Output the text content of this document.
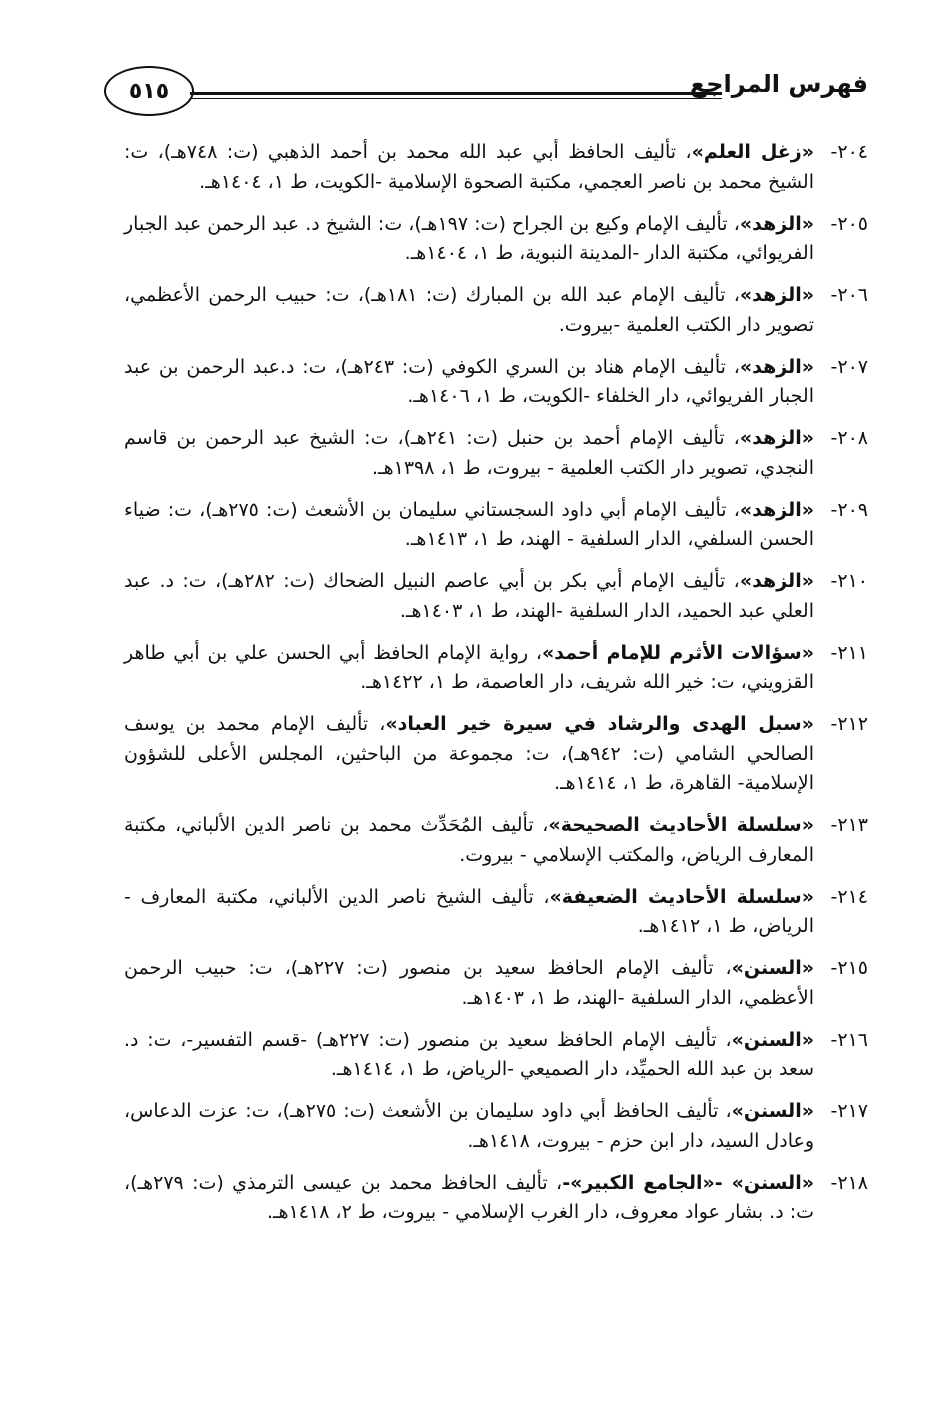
٥١٥	فهرس المراجع
٢٠٤-
«زغل العلم»، تأليف الحافظ أبي عبد الله محمد بن أحمد الذهبي (ت: ٧٤٨هـ)، ت: الشيخ محمد بن ناصر العجمي، مكتبة الصحوة الإسلامية -الكويت، ط ١، ١٤٠٤هـ.
٢٠٥-
«الزهد»، تأليف الإمام وكيع بن الجراح (ت: ١٩٧هـ)، ت: الشيخ د. عبد الرحمن عبد الجبار الفريوائي، مكتبة الدار -المدينة النبوية، ط ١، ١٤٠٤هـ.
٢٠٦-
«الزهد»، تأليف الإمام عبد الله بن المبارك (ت: ١٨١هـ)، ت: حبيب الرحمن الأعظمي، تصوير دار الكتب العلمية -بيروت.
٢٠٧-
«الزهد»، تأليف الإمام هناد بن السري الكوفي (ت: ٢٤٣هـ)، ت: د.عبد الرحمن بن عبد الجبار الفريوائي، دار الخلفاء -الكويت، ط ١، ١٤٠٦هـ.
٢٠٨-
«الزهد»، تأليف الإمام أحمد بن حنبل (ت: ٢٤١هـ)، ت: الشيخ عبد الرحمن بن قاسم النجدي، تصوير دار الكتب العلمية - بيروت، ط ١، ١٣٩٨هـ.
٢٠٩-
«الزهد»، تأليف الإمام أبي داود السجستاني سليمان بن الأشعث (ت: ٢٧٥هـ)، ت: ضياء الحسن السلفي، الدار السلفية - الهند، ط ١، ١٤١٣هـ.
٢١٠-
«الزهد»، تأليف الإمام أبي بكر بن أبي عاصم النبيل الضحاك (ت: ٢٨٢هـ)، ت: د. عبد العلي عبد الحميد، الدار السلفية -الهند، ط ١، ١٤٠٣هـ.
٢١١-
«سؤالات الأثرم للإمام أحمد»، رواية الإمام الحافظ أبي الحسن علي بن أبي طاهر القزويني، ت: خير الله شريف، دار العاصمة، ط ١، ١٤٢٢هـ.
٢١٢-
«سبل الهدى والرشاد في سيرة خير العباد»، تأليف الإمام محمد بن يوسف الصالحي الشامي (ت: ٩٤٢هـ)، ت: مجموعة من الباحثين، المجلس الأعلى للشؤون الإسلامية- القاهرة، ط ١، ١٤١٤هـ.
٢١٣-
«سلسلة الأحاديث الصحيحة»، تأليف المُحَدِّث محمد بن ناصر الدين الألباني، مكتبة المعارف الرياض، والمكتب الإسلامي - بيروت.
٢١٤-
«سلسلة الأحاديث الضعيفة»، تأليف الشيخ ناصر الدين الألباني، مكتبة المعارف - الرياض، ط ١، ١٤١٢هـ.
٢١٥-
«السنن»، تأليف الإمام الحافظ سعيد بن منصور (ت: ٢٢٧هـ)، ت: حبيب الرحمن الأعظمي، الدار السلفية -الهند، ط ١، ١٤٠٣هـ.
٢١٦-
«السنن»، تأليف الإمام الحافظ سعيد بن منصور (ت: ٢٢٧هـ) -قسم التفسير-، ت: د. سعد بن عبد الله الحميِّد، دار الصميعي -الرياض، ط ١، ١٤١٤هـ.
٢١٧-
«السنن»، تأليف الحافظ أبي داود سليمان بن الأشعث (ت: ٢٧٥هـ)، ت: عزت الدعاس، وعادل السيد، دار ابن حزم - بيروت، ١٤١٨هـ.
٢١٨-
«السنن» -«الجامع الكبير»-، تأليف الحافظ محمد بن عيسى الترمذي (ت: ٢٧٩هـ)، ت: د. بشار عواد معروف، دار الغرب الإسلامي - بيروت، ط ٢، ١٤١٨هـ.
